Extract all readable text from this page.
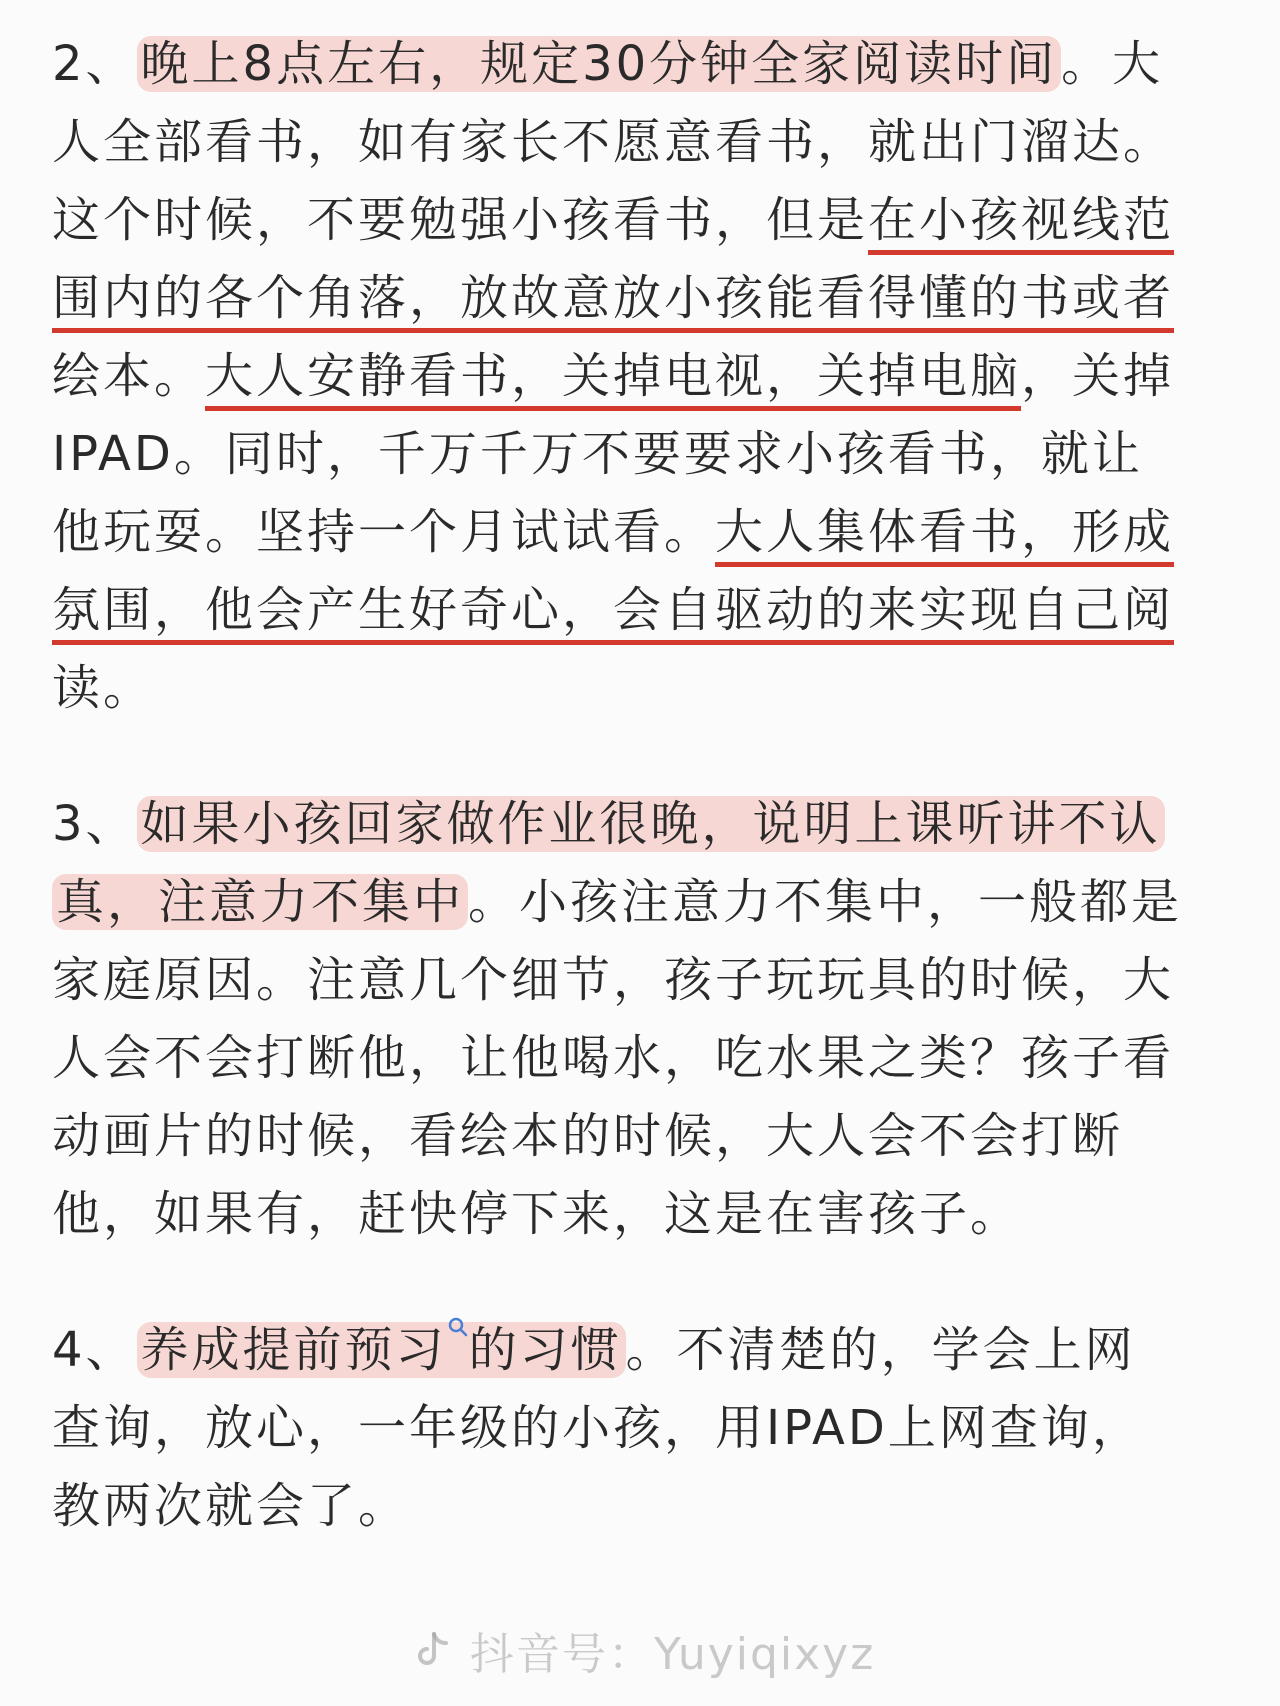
2、晚上8点左右，规定30分钟全家阅读时间。大
人全部看书，如有家长不愿意看书，就出门溜达。
这个时候，不要勉强小孩看书，但是在小孩视线范
围内的各个角落，放故意放小孩能看得懂的书或者
绘本。大人安静看书，关掉电视，关掉电脑，关掉
IPAD。同时，千万千万不要要求小孩看书，就让
他玩耍。坚持一个月试试看。大人集体看书，形成
氛围，他会产生好奇心，会自驱动的来实现自己阅
读。
3、如果小孩回家做作业很晚，说明上课听讲不认
真，注意力不集中。小孩注意力不集中，一般都是
家庭原因。注意几个细节，孩子玩玩具的时候，大
人会不会打断他，让他喝水，吃水果之类？孩子看
动画片的时候，看绘本的时候，大人会不会打断
他，如果有，赶快停下来，这是在害孩子。
4、养成提前预习 的习惯。不清楚的，学会上网
查询，放心，一年级的小孩，用IPAD上网查询，
教两次就会了。
抖音号：Yuyiqixyz
